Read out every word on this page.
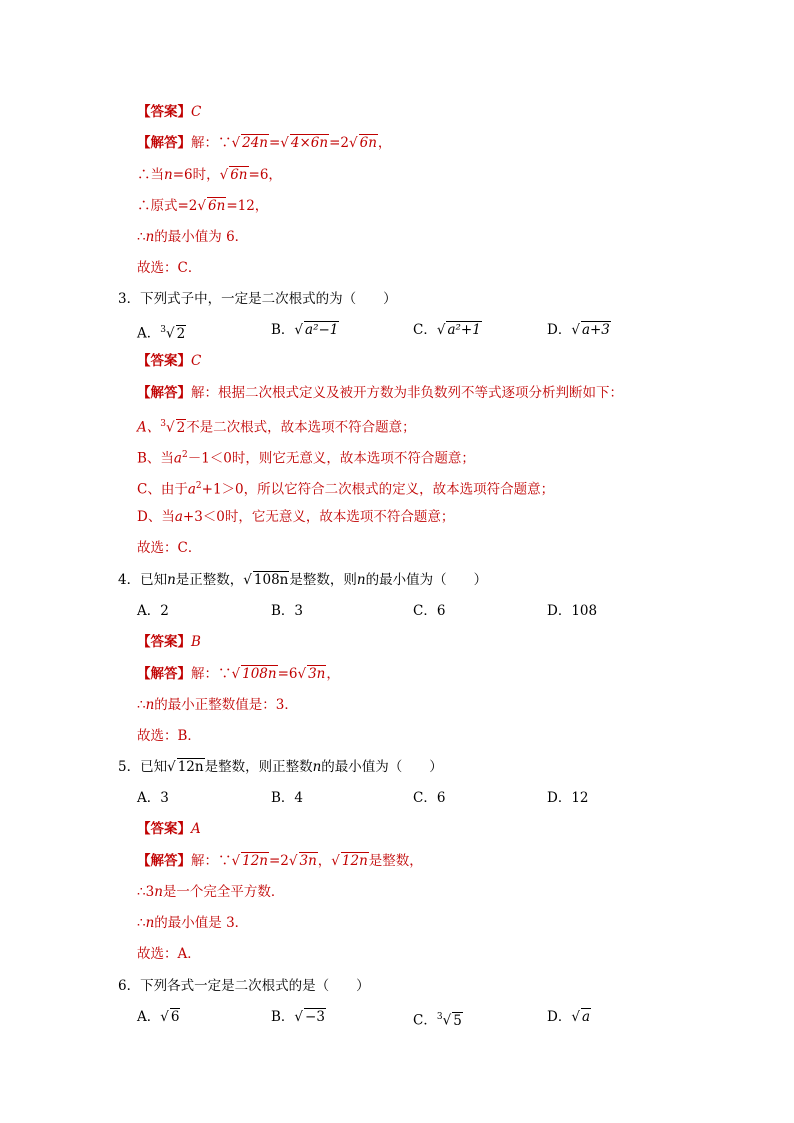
【答案】C
【解答】解：∵√ 24n=√ 4×6n=2√ 6n，
∴当n=6时，√ 6n=6，
∴原式=2√ 6n=12，
∴n的最小值为 6．
故选：C．
3．下列式子中，一定是二次根式的为（　　）
A．$^3$√ 2	B．√ a²−1	C．√ a²+1	D．√ a+3
【答案】C
【解答】解：根据二次根式定义及被开方数为非负数列不等式逐项分析判断如下：
A、$^3$√ 2不是二次根式，故本选项不符合题意；
B、当$a^2-1<0$时，则它无意义，故本选项不符合题意；
C、由于$a^2+1>0$，所以它符合二次根式的定义，故本选项符合题意；
D、当a+3＜0时，它无意义，故本选项不符合题意；
故选：C．
4．已知n是正整数，√ 108n是整数，则n的最小值为（　　）
A．2	B．3	C．6	D．108
【答案】B
【解答】解：∵√ 108n=6√ 3n，
∴n的最小正整数值是：3．
故选：B．
5．已知√ 12n是整数，则正整数n的最小值为（　　）
A．3	B．4	C．6	D．12
【答案】A
【解答】解：∵√ 12n=2√ 3n，√ 12n是整数，
∴3n是一个完全平方数．
∴n的最小值是 3．
故选：A．
6．下列各式一定是二次根式的是（　　）
A．√ 6	B．√ −3	C．$^3$√ 5	D．√ a
